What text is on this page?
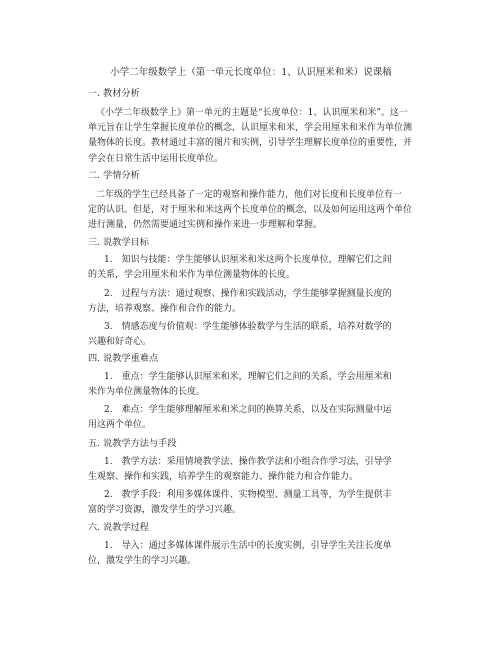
小学二年级数学上（第一单元长度单位：1、认识厘米和米）说课稿
一. 教材分析

《小学二年级数学上》第一单元的主题是“长度单位：1、认识厘米和米”。这一
单元旨在让学生掌握长度单位的概念，认识厘米和米，学会用厘米和米作为单位测
量物体的长度。教材通过丰富的图片和实例，引导学生理解长度单位的重要性，并
学会在日常生活中运用长度单位。

二. 学情分析

二年级的学生已经具备了一定的观察和操作能力，他们对长度和长度单位有一
定的认识。但是，对于厘米和米这两个长度单位的概念，以及如何运用这两个单位
进行测量，仍然需要通过实例和操作来进一步理解和掌握。

三. 说教学目标

1.　知识与技能：学生能够认识厘米和米这两个长度单位，理解它们之间
的关系，学会用厘米和米作为单位测量物体的长度。

2.　过程与方法：通过观察、操作和实践活动，学生能够掌握测量长度的
方法，培养观察、操作和合作的能力。

3.　情感态度与价值观：学生能够体验数学与生活的联系，培养对数学的
兴趣和好奇心。

四. 说教学重难点

1.　重点：学生能够认识厘米和米，理解它们之间的关系，学会用厘米和
米作为单位测量物体的长度。

2.　难点：学生能够理解厘米和米之间的换算关系，以及在实际测量中运
用这两个单位。

五. 说教学方法与手段

1.　教学方法：采用情境教学法、操作教学法和小组合作学习法，引导学
生观察、操作和实践，培养学生的观察能力、操作能力和合作能力。

2.　教学手段：利用多媒体课件、实物模型、测量工具等，为学生提供丰
富的学习资源，激发学生的学习兴趣。

六. 说教学过程

1.　导入：通过多媒体课件展示生活中的长度实例，引导学生关注长度单
位，激发学生的学习兴趣。
